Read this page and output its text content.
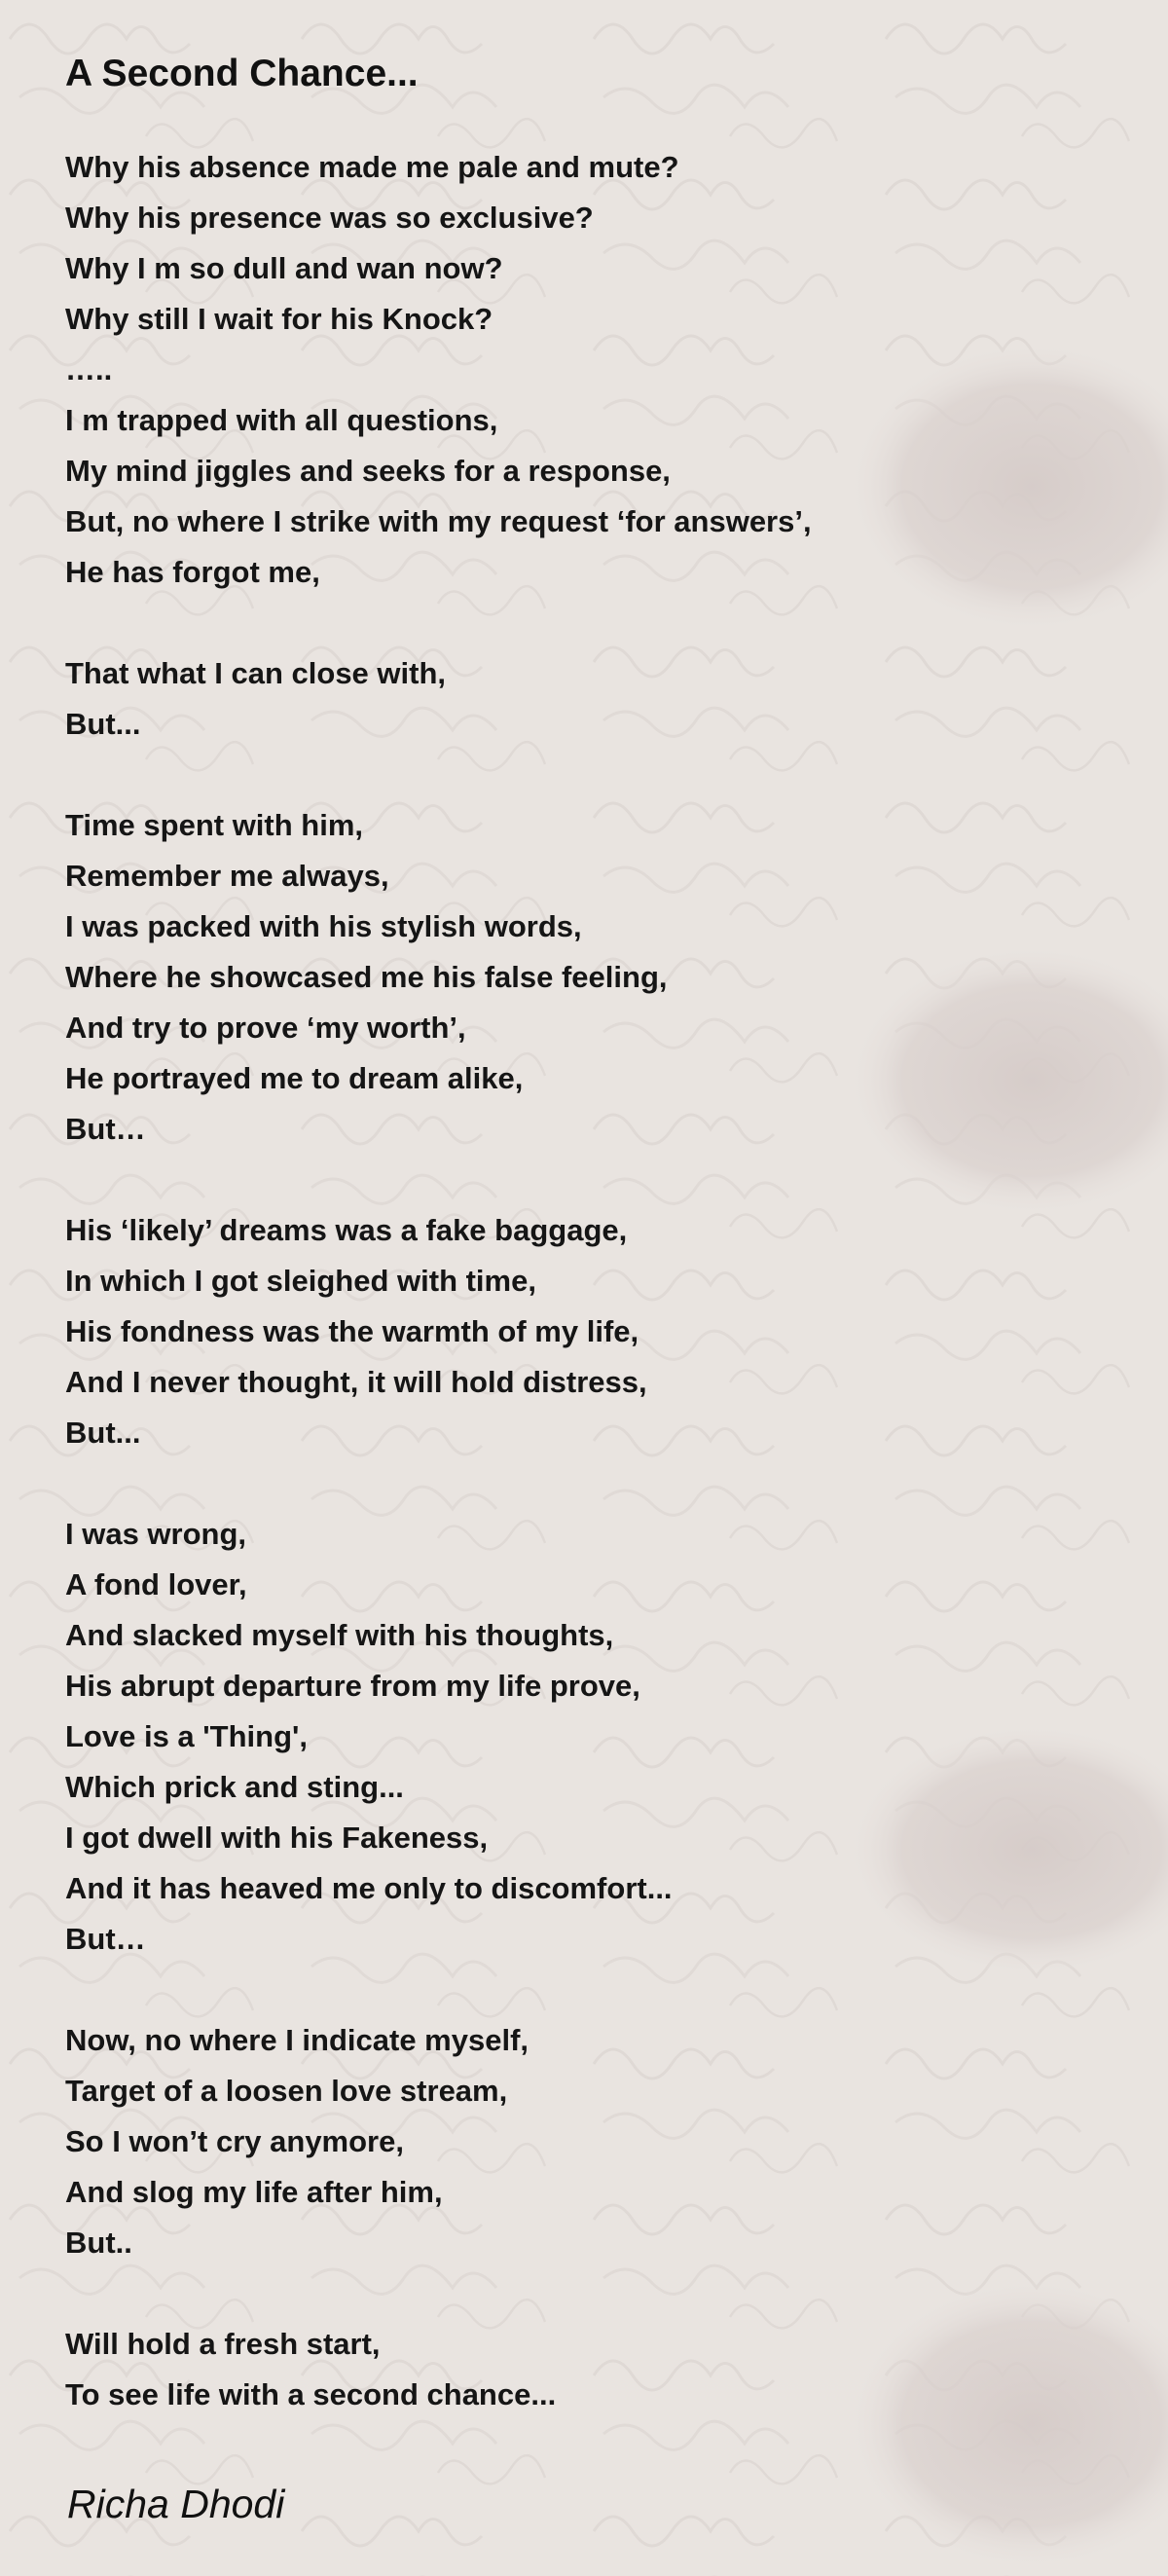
A Second Chance...
Why his absence made me pale and mute?
Why his presence was so exclusive?
Why I m so dull and wan now?
Why still I wait for his Knock?
…..
I m trapped with all questions,
My mind jiggles and seeks for a response,
But, no where I strike with my request ‘for answers’,
He has forgot me,
That what I can close with,
But...
Time spent with him,
Remember me always,
I was packed with his stylish words,
Where he showcased me his false feeling,
And try to prove ‘my worth’,
He portrayed me to dream alike,
But…
His ‘likely’ dreams was a fake baggage,
In which I got sleighed with time,
His fondness was the warmth of my life,
And I never thought, it will hold distress,
But...
I was wrong,
A fond lover,
And slacked myself with his thoughts,
His abrupt departure from my life prove,
Love is a 'Thing',
Which prick and sting...
I got dwell with his Fakeness,
And it has heaved me only to discomfort...
But…
Now, no where I indicate myself,
Target of a loosen love stream,
So I won’t cry anymore,
And slog my life after him,
But..
Will hold a fresh start,
To see life with a second chance...
Richa Dhodi
